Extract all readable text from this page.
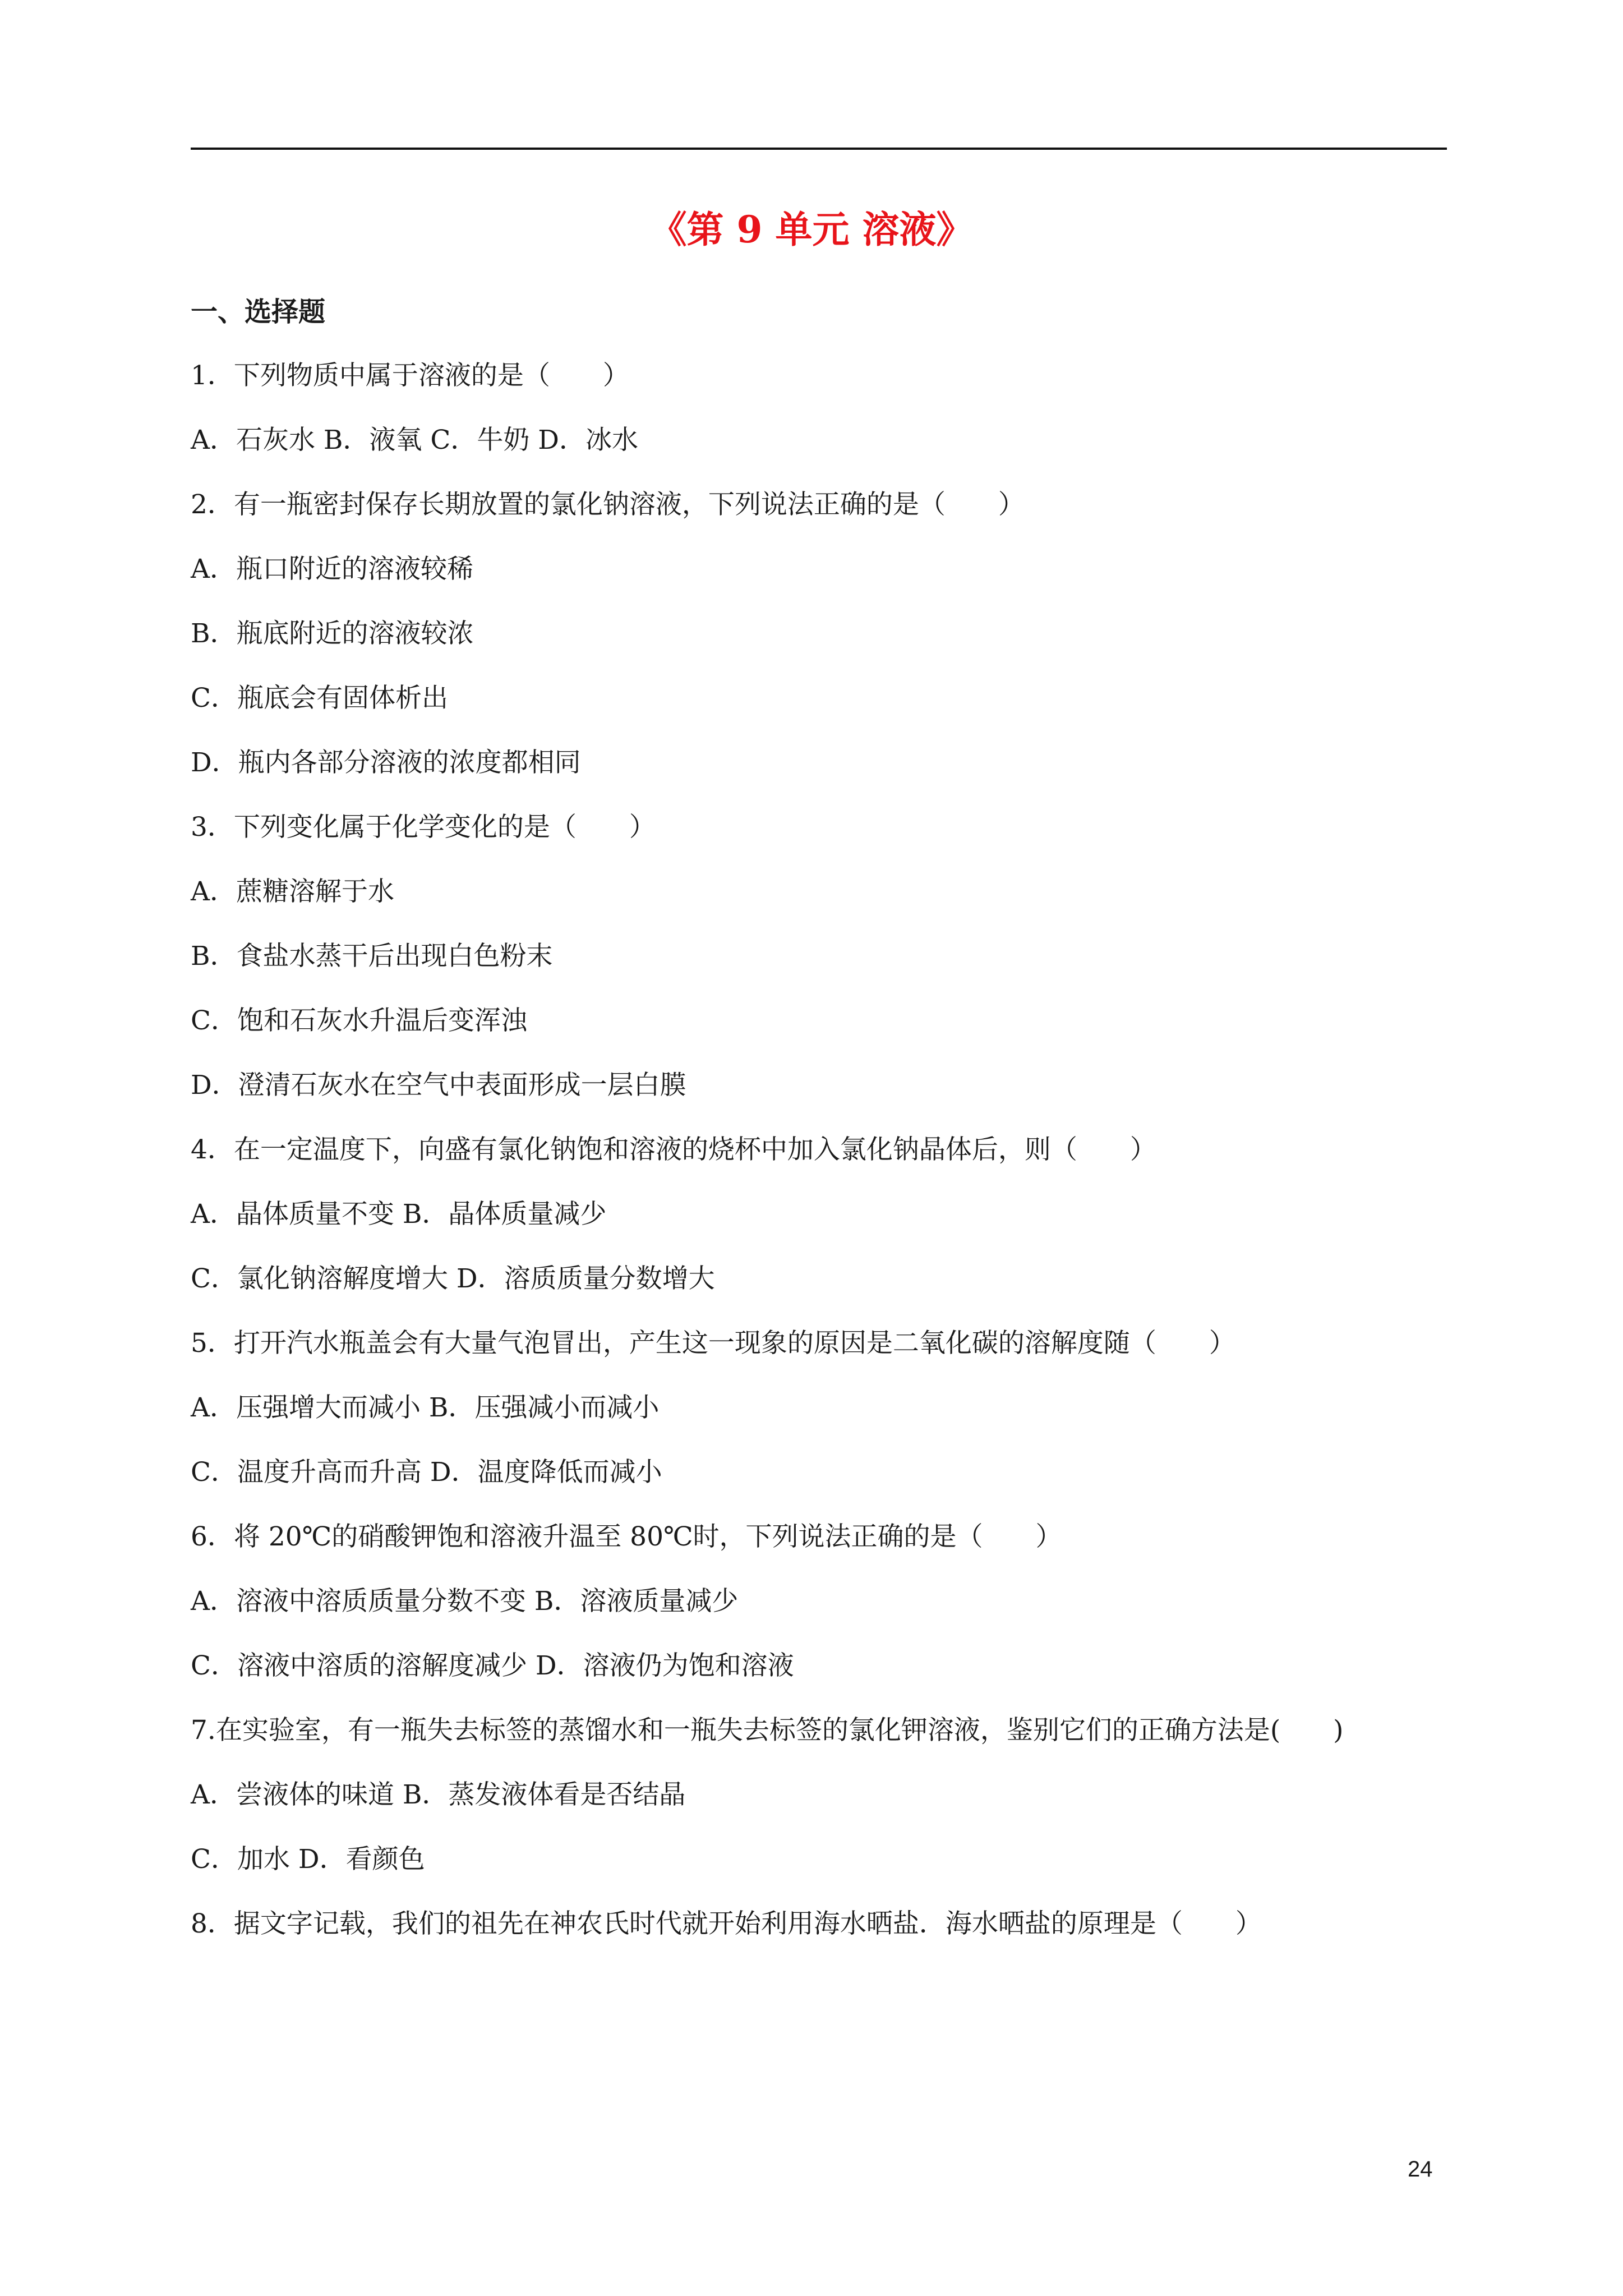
《第 9 单元 溶液》
一、选择题
1．下列物质中属于溶液的是（　　）
A．石灰水 B．液氧 C．牛奶 D．冰水
2．有一瓶密封保存长期放置的氯化钠溶液，下列说法正确的是（　　）
A．瓶口附近的溶液较稀
B．瓶底附近的溶液较浓
C．瓶底会有固体析出
D．瓶内各部分溶液的浓度都相同
3．下列变化属于化学变化的是（　　）
A．蔗糖溶解于水
B．食盐水蒸干后出现白色粉末
C．饱和石灰水升温后变浑浊
D．澄清石灰水在空气中表面形成一层白膜
4．在一定温度下，向盛有氯化钠饱和溶液的烧杯中加入氯化钠晶体后，则（　　）
A．晶体质量不变 B．晶体质量减少
C．氯化钠溶解度增大 D．溶质质量分数增大
5．打开汽水瓶盖会有大量气泡冒出，产生这一现象的原因是二氧化碳的溶解度随（　　）
A．压强增大而减小 B．压强减小而减小
C．温度升高而升高 D．温度降低而减小
6．将 20℃的硝酸钾饱和溶液升温至 80℃时，下列说法正确的是（　　）
A．溶液中溶质质量分数不变 B．溶液质量减少
C．溶液中溶质的溶解度减少 D．溶液仍为饱和溶液
7.在实验室，有一瓶失去标签的蒸馏水和一瓶失去标签的氯化钾溶液，鉴别它们的正确方法是(　　)
A．尝液体的味道 B．蒸发液体看是否结晶
C．加水 D．看颜色
8．据文字记载，我们的祖先在神农氏时代就开始利用海水晒盐．海水晒盐的原理是（　　）
24
